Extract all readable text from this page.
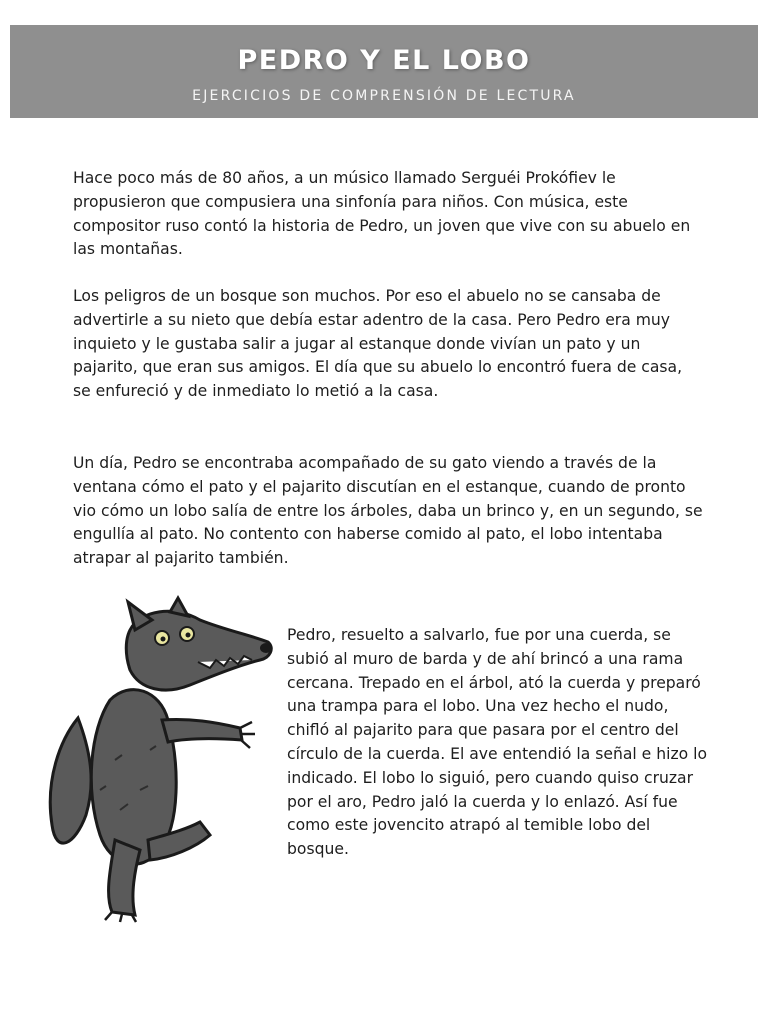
PEDRO Y EL LOBO
EJERCICIOS DE COMPRENSIÓN DE LECTURA

Hace poco más de 80 años, a un músico llamado Serguéi Prokófiev le propusieron que compusiera una sinfonía para niños. Con música, este compositor ruso contó la historia de Pedro, un joven que vive con su abuelo en las montañas.

Los peligros de un bosque son muchos. Por eso el abuelo no se cansaba de advertirle a su nieto que debía estar adentro de la casa. Pero Pedro era muy inquieto y le gustaba salir a jugar al estanque donde vivían un pato y un pajarito, que eran sus amigos. El día que su abuelo lo encontró fuera de casa, se enfureció y de inmediato lo metió a la casa.

Un día, Pedro se encontraba acompañado de su gato viendo a través de la ventana cómo el pato y el pajarito discutían en el estanque, cuando de pronto vio cómo un lobo salía de entre los árboles, daba un brinco y, en un segundo, se engullía al pato. No contento con haberse comido al pato, el lobo intentaba atrapar al pajarito también.

Pedro, resuelto a salvarlo, fue por una cuerda, se subió al muro de barda y de ahí brincó a una rama cercana. Trepado en el árbol, ató la cuerda y preparó una trampa para el lobo. Una vez hecho el nudo, chifló al pajarito para que pasara por el centro del círculo de la cuerda. El ave entendió la señal e hizo lo indicado. El lobo lo siguió, pero cuando quiso cruzar por el aro, Pedro jaló la cuerda y lo enlazó. Así fue como este jovencito atrapó al temible lobo del bosque.
